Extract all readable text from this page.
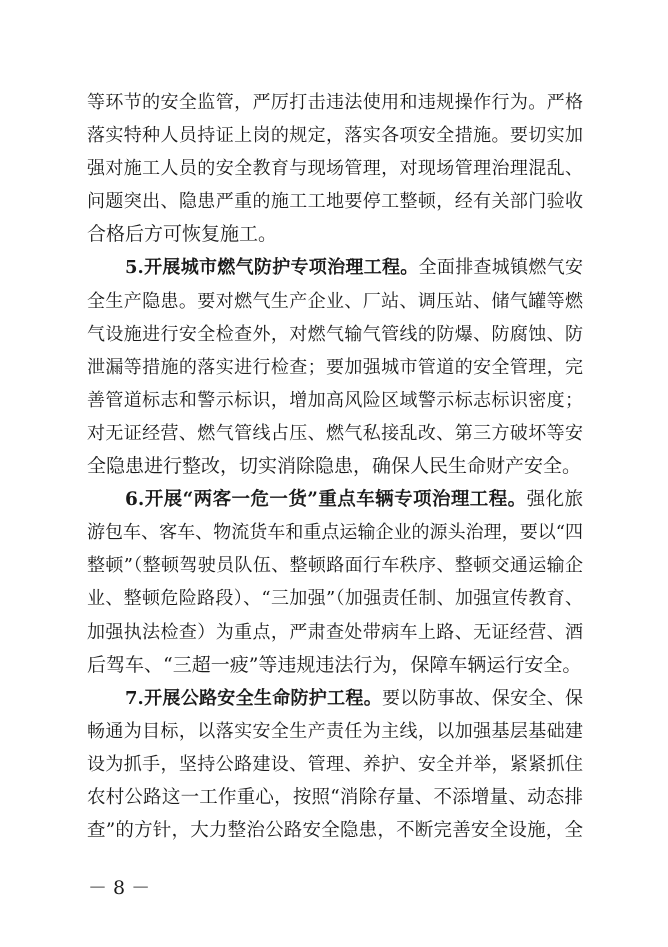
等环节的安全监管，严厉打击违法使用和违规操作行为。严格
落实特种人员持证上岗的规定，落实各项安全措施。要切实加
强对施工人员的安全教育与现场管理，对现场管理治理混乱、
问题突出、隐患严重的施工工地要停工整顿，经有关部门验收
合格后方可恢复施工。
5.开展城市燃气防护专项治理工程。全面排查城镇燃气安
全生产隐患。要对燃气生产企业、厂站、调压站、储气罐等燃
气设施进行安全检查外，对燃气输气管线的防爆、防腐蚀、防
泄漏等措施的落实进行检查；要加强城市管道的安全管理，完
善管道标志和警示标识，增加高风险区域警示标志标识密度；
对无证经营、燃气管线占压、燃气私接乱改、第三方破坏等安
全隐患进行整改，切实消除隐患，确保人民生命财产安全。
6.开展“两客一危一货”重点车辆专项治理工程。强化旅
游包车、客车、物流货车和重点运输企业的源头治理，要以“四
整顿”（整顿驾驶员队伍、整顿路面行车秩序、整顿交通运输企
业、整顿危险路段）、“三加强”（加强责任制、加强宣传教育、
加强执法检查）为重点，严肃查处带病车上路、无证经营、酒
后驾车、“三超一疲”等违规违法行为，保障车辆运行安全。
7.开展公路安全生命防护工程。要以防事故、保安全、保
畅通为目标，以落实安全生产责任为主线，以加强基层基础建
设为抓手，坚持公路建设、管理、养护、安全并举，紧紧抓住
农村公路这一工作重心，按照“消除存量、不添增量、动态排
查”的方针，大力整治公路安全隐患，不断完善安全设施，全
－ 8 －
